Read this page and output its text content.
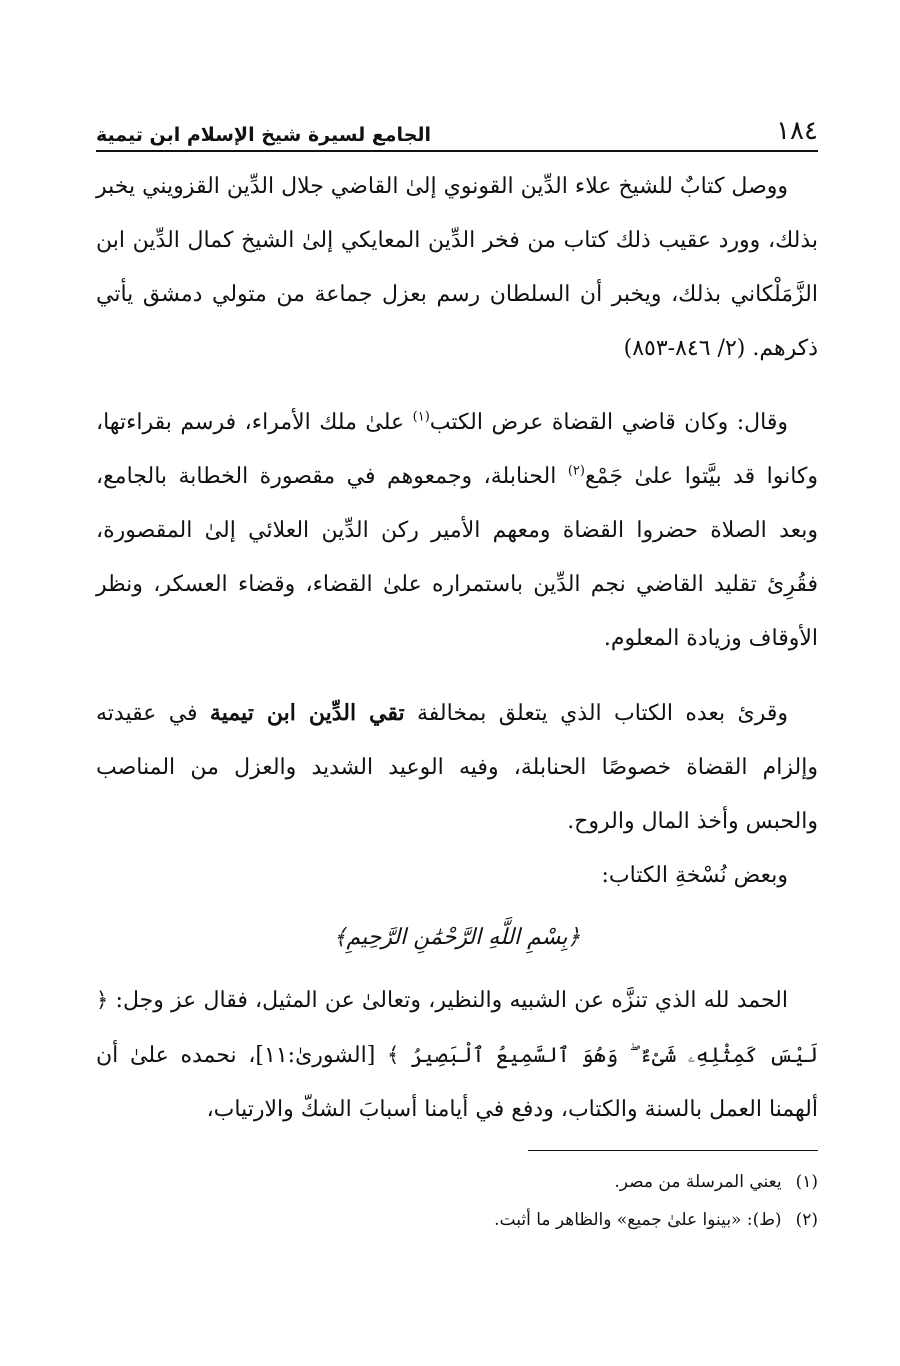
١٨٤
الجامع لسيرة شيخ الإسلام ابن تيمية

ووصل كتابٌ للشيخ علاء الدِّين القونوي إلىٰ القاضي جلال الدِّين القزويني يخبر بذلك، وورد عقيب ذلك كتاب من فخر الدِّين المعايكي إلىٰ الشيخ كمال الدِّين ابن الزَّمَلْكاني بذلك، ويخبر أن السلطان رسم بعزل جماعة من متولي دمشق يأتي ذكرهم. (٢/ ٨٤٦-٨٥٣)

وقال: وكان قاضي القضاة عرض الكتب$^{(١)}$ علىٰ ملك الأمراء، فرسم بقراءتها، وكانوا قد بيَّتوا علىٰ جَمْع$^{(٢)}$ الحنابلة، وجمعوهم في مقصورة الخطابة بالجامع، وبعد الصلاة حضروا القضاة ومعهم الأمير ركن الدِّين العلائي إلىٰ المقصورة، فقُرِئ تقليد القاضي نجم الدِّين باستمراره علىٰ القضاء، وقضاء العسكر، ونظر الأوقاف وزيادة المعلوم.

وقرئ بعده الكتاب الذي يتعلق بمخالفة تقي الدِّين ابن تيمية في عقيدته وإلزام القضاة خصوصًا الحنابلة، وفيه الوعيد الشديد والعزل من المناصب والحبس وأخذ المال والروح.

وبعض نُسْخةِ الكتاب:

﴿بِسْمِ اللَّهِ الرَّحْمَٰنِ الرَّحِيمِ﴾

الحمد لله الذي تنزَّه عن الشبيه والنظير، وتعالىٰ عن المثيل، فقال عز وجل: ﴿ لَيْسَ كَمِثْلِهِۦ شَىْءٌ ۖ وَهُوَ ٱلسَّمِيعُ ٱلْبَصِيرُ ﴾ [الشورىٰ:١١]، نحمده علىٰ أن ألهمنا العمل بالسنة والكتاب، ودفع في أيامنا أسبابَ الشكّ والارتياب،

(١)يعني المرسلة من مصر.

(٢)(ط): «بينوا علىٰ جميع» والظاهر ما أثبت.
